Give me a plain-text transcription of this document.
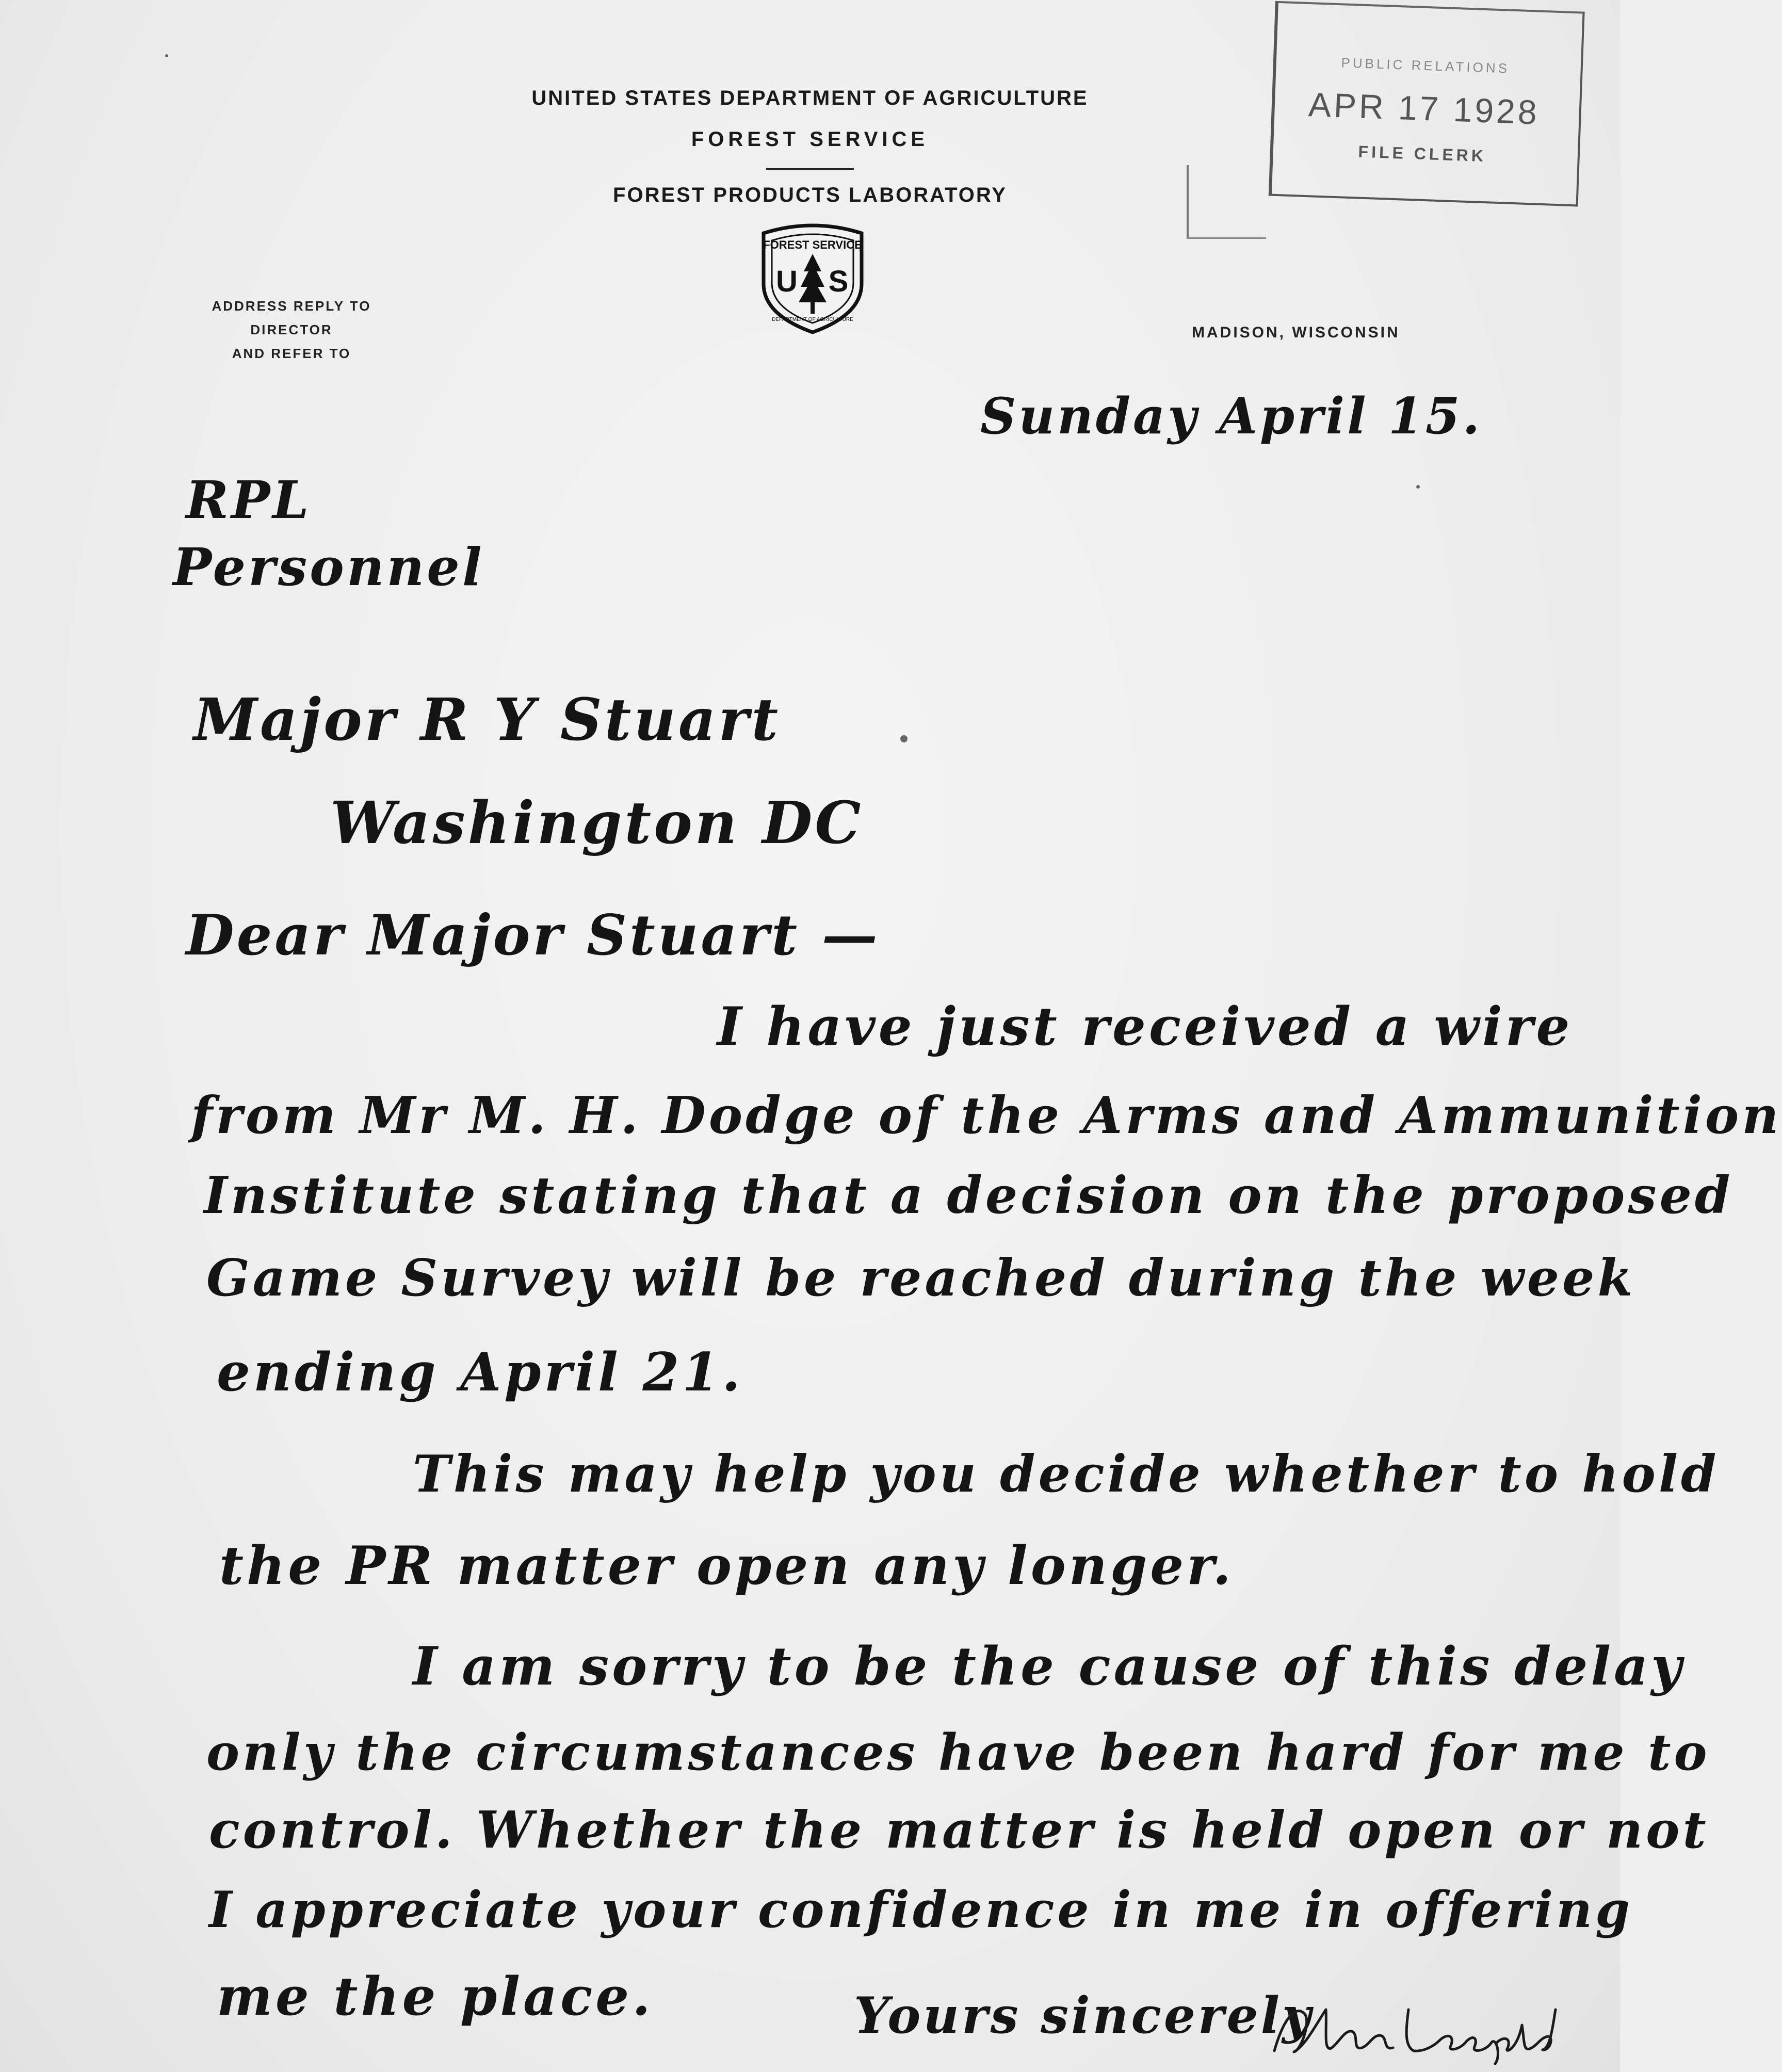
UNITED STATES DEPARTMENT OF AGRICULTURE
FOREST SERVICE
FOREST PRODUCTS LABORATORY
FOREST SERVICE
U S
DEPARTMENT OF AGRICULTURE
ADDRESS REPLY TO
DIRECTOR
AND REFER TO
MADISON, WISCONSIN
PUBLIC RELATIONS
APR 17 1928
FILE CLERK
Sunday April 15.
RPL
Personnel
Major R Y Stuart
Washington DC
Dear Major Stuart —
I have just received a wire
from Mr M. H. Dodge of the Arms and Ammunition
Institute stating that a decision on the proposed
Game Survey will be reached during the week
ending April 21.
This may help you decide whether to hold
the PR matter open any longer.
I am sorry to be the cause of this delay
only the circumstances have been hard for me to
control. Whether the matter is held open or not
I appreciate your confidence in me in offering
me the place.	Yours sincerely
